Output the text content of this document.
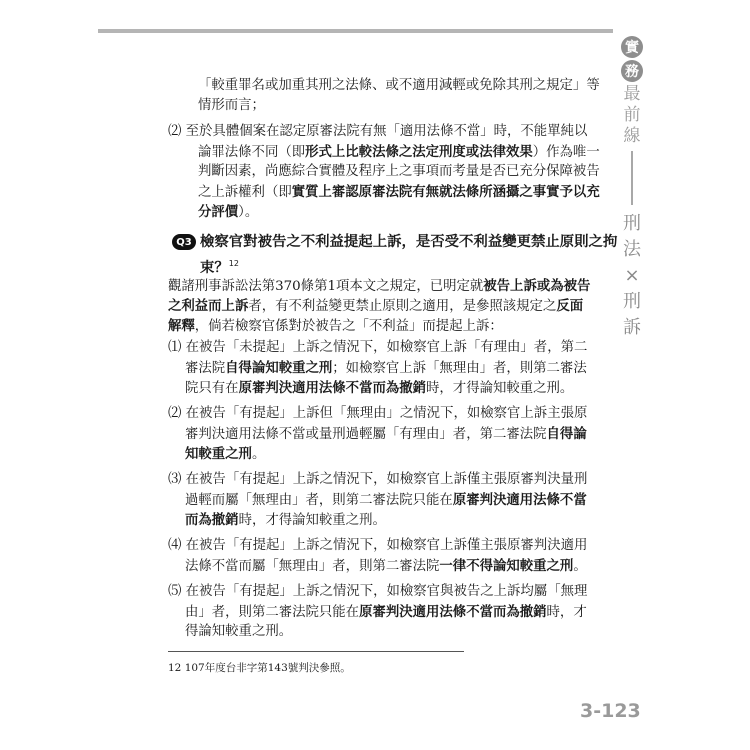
實
務
最
前
線
刑
法
×
刑
訴
「較重罪名或加重其刑之法條、或不適用減輕或免除其刑之規定」等
情形而言；
⑵ 至於具體個案在認定原審法院有無「適用法條不當」時，不能單純以
論罪法條不同（即形式上比較法條之法定刑度或法律效果）作為唯一
判斷因素，尚應綜合實體及程序上之事項而考量是否已充分保障被告
之上訴權利（即實質上審認原審法院有無就法條所涵攝之事實予以充
分評價）。
Q3 檢察官對被告之不利益提起上訴，是否受不利益變更禁止原則之拘
束？$^{12}$
觀諸刑事訴訟法第370條第1項本文之規定，已明定就被告上訴或為被告
之利益而上訴者，有不利益變更禁止原則之適用，是參照該規定之反面
解釋，倘若檢察官係對於被告之「不利益」而提起上訴：
⑴ 在被告「未提起」上訴之情況下，如檢察官上訴「有理由」者，第二
審法院自得論知較重之刑；如檢察官上訴「無理由」者，則第二審法
院只有在原審判決適用法條不當而為撤銷時，才得論知較重之刑。
⑵ 在被告「有提起」上訴但「無理由」之情況下，如檢察官上訴主張原
審判決適用法條不當或量刑過輕屬「有理由」者，第二審法院自得論
知較重之刑。
⑶ 在被告「有提起」上訴之情況下，如檢察官上訴僅主張原審判決量刑
過輕而屬「無理由」者，則第二審法院只能在原審判決適用法條不當
而為撤銷時，才得論知較重之刑。
⑷ 在被告「有提起」上訴之情況下，如檢察官上訴僅主張原審判決適用
法條不當而屬「無理由」者，則第二審法院一律不得論知較重之刑。
⑸ 在被告「有提起」上訴之情況下，如檢察官與被告之上訴均屬「無理
由」者，則第二審法院只能在原審判決適用法條不當而為撤銷時，才
得論知較重之刑。
12 107年度台非字第143號判決參照。
3-123
